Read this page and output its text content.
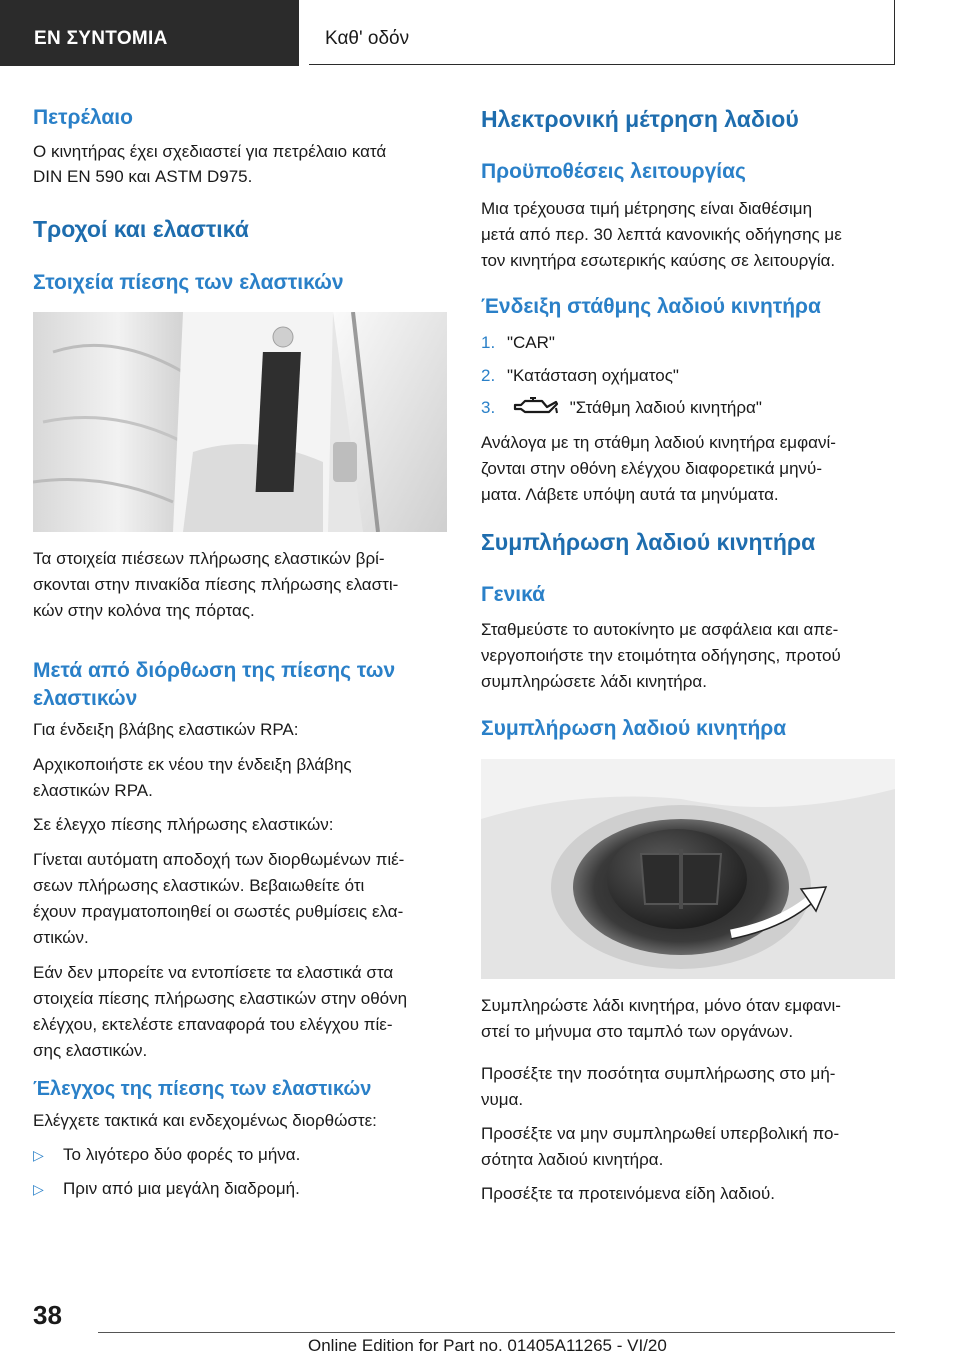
ΕΝ ΣΥΝΤΟΜΙΑ	Καθ' οδόν
Πετρέλαιο
Ο κινητήρας έχει σχεδιαστεί για πετρέλαιο κατά
DIN EN 590 και ASTM D975.
Τροχοί και ελαστικά
Στοιχεία πίεσης των ελαστικών
Τα στοιχεία πιέσεων πλήρωσης ελαστικών βρί-
σκονται στην πινακίδα πίεσης πλήρωσης ελαστι-
κών στην κολόνα της πόρτας.
Μετά από διόρθωση της πίεσης των
ελαστικών
Για ένδειξη βλάβης ελαστικών RPA:
Αρχικοποιήστε εκ νέου την ένδειξη βλάβης
ελαστικών RPA.
Σε έλεγχο πίεσης πλήρωσης ελαστικών:
Γίνεται αυτόματη αποδοχή των διορθωμένων πιέ-
σεων πλήρωσης ελαστικών. Βεβαιωθείτε ότι
έχουν πραγματοποιηθεί οι σωστές ρυθμίσεις ελα-
στικών.
Εάν δεν μπορείτε να εντοπίσετε τα ελαστικά στα
στοιχεία πίεσης πλήρωσης ελαστικών στην οθόνη
ελέγχου, εκτελέστε επαναφορά του ελέγχου πίε-
σης ελαστικών.
Έλεγχος της πίεσης των ελαστικών
Ελέγχετε τακτικά και ενδεχομένως διορθώστε:
▷ Το λιγότερο δύο φορές το μήνα.
▷ Πριν από μια μεγάλη διαδρομή.
Ηλεκτρονική μέτρηση λαδιού
Προϋποθέσεις λειτουργίας
Μια τρέχουσα τιμή μέτρησης είναι διαθέσιμη
μετά από περ. 30 λεπτά κανονικής οδήγησης με
τον κινητήρα εσωτερικής καύσης σε λειτουργία.
Ένδειξη στάθμης λαδιού κινητήρα
1. "CAR"
2. "Κατάσταση οχήματος"
3.	"Στάθμη λαδιού κινητήρα"
Ανάλογα με τη στάθμη λαδιού κινητήρα εμφανί-
ζονται στην οθόνη ελέγχου διαφορετικά μηνύ-
ματα. Λάβετε υπόψη αυτά τα μηνύματα.
Συμπλήρωση λαδιού κινητήρα
Γενικά
Σταθμεύστε το αυτοκίνητο με ασφάλεια και απε-
νεργοποιήστε την ετοιμότητα οδήγησης, προτού
συμπληρώσετε λάδι κινητήρα.
Συμπλήρωση λαδιού κινητήρα
Συμπληρώστε λάδι κινητήρα, μόνο όταν εμφανι-
στεί το μήνυμα στο ταμπλό των οργάνων.
Προσέξτε την ποσότητα συμπλήρωσης στο μή-
νυμα.
Προσέξτε να μην συμπληρωθεί υπερβολική πο-
σότητα λαδιού κινητήρα.
Προσέξτε τα προτεινόμενα είδη λαδιού.
38
Online Edition for Part no. 01405A11265 - VI/20
